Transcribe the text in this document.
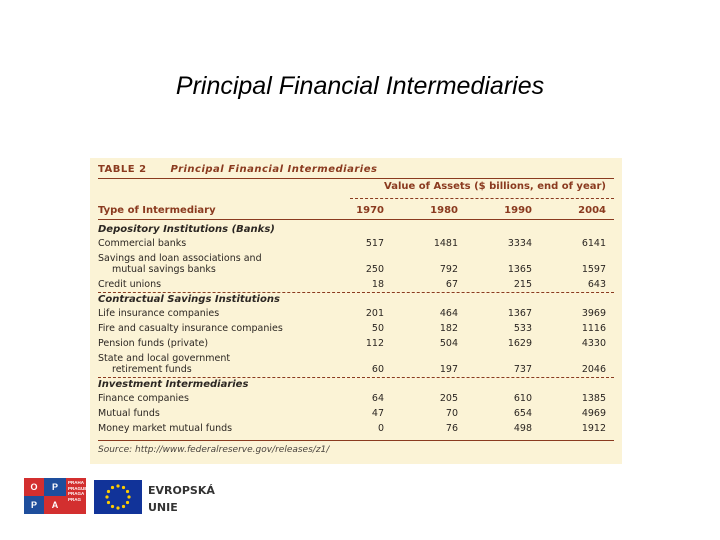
Principal Financial Intermediaries
TABLE 2 Principal Financial Intermediaries
Value of Assets ($ billions, end of year)
Type of Intermediary	1970	1980	1990	2004
Depository Institutions (Banks)
Commercial banks	517	1481	3334	6141
Savings and loan associations and
mutual savings banks	250	792	1365	1597
Credit unions	18	67	215	643
Contractual Savings Institutions
Life insurance companies	201	464	1367	3969
Fire and casualty insurance companies	50	182	533	1116
Pension funds (private)	112	504	1629	4330
State and local government
retirement funds	60	197	737	2046
Investment Intermediaries
Finance companies	64	205	610	1385
Mutual funds	47	70	654	4969
Money market mutual funds	0	76	498	1912
Source: http://www.federalreserve.gov/releases/z1/
O	P
P	A
PRAHA
PRAGUE
PRAGA
PRAG
EVROPSKÁ
UNIE
